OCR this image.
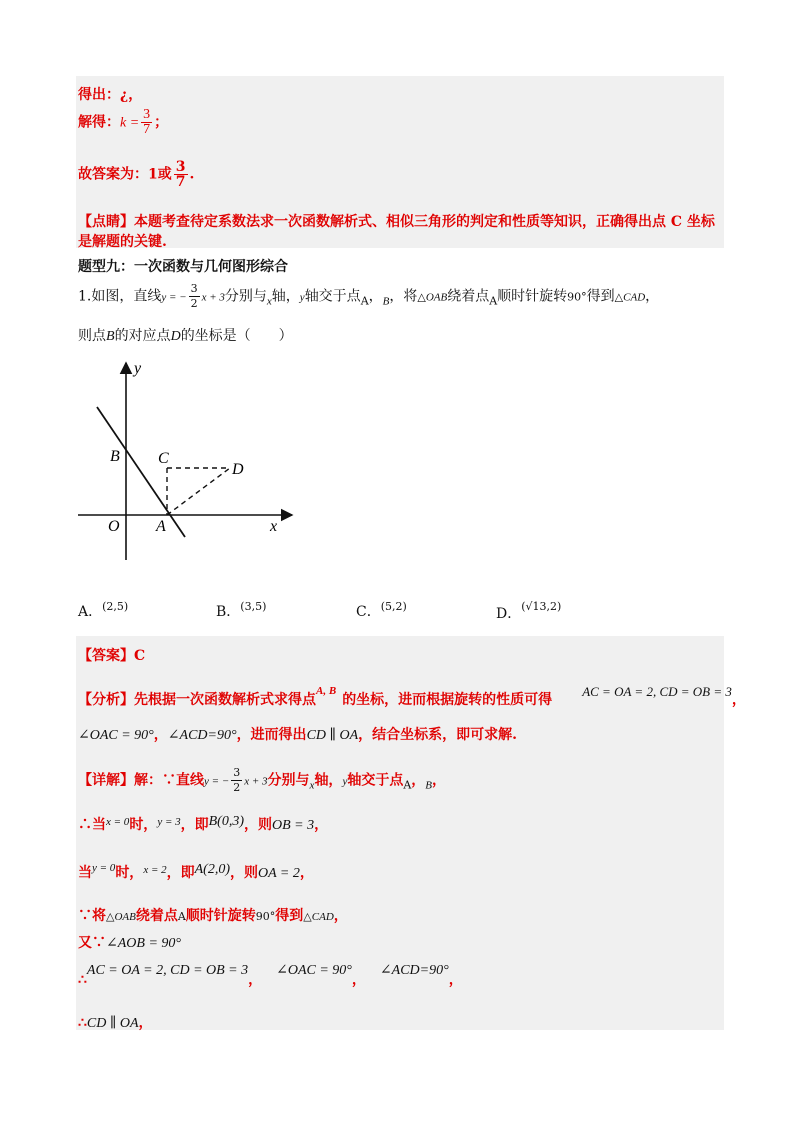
得出：¿，
解得：$k = \frac{3}{7}$ ；
故答案为：1或 $\frac{3}{7}$ .
【点睛】本题考查待定系数法求一次函数解析式、相似三角形的判定和性质等知识，正确得出点 C 坐标
是解题的关键.
题型九：一次函数与几何图形综合
1.如图，直线y = − $\frac{3}{2}$ x + 3分别与$_x$轴，y轴交于点$_A$，$_B$，将△OAB绕着点$_A$顺时针旋转90°得到△CAD，
则点B的对应点D的坐标是（　　）
y
x
B C
D
O A
A．$^{(2,5)}$	B．$^{(3,5)}$	C．$^{(5,2)}$	D．$^{(√13,2)}$
【答案】C
【分析】先根据一次函数解析式求得点$^{A, B}$的坐标，进而根据旋转的性质可得AC = OA = 2, CD = OB = 3，
∠OAC = 90°，∠ACD=90°，进而得出CD ∥ OA，结合坐标系，即可求解.
【详解】解：∵直线y = − $\frac{3}{2}$ x + 3分别与$_x$轴，y轴交于点$_A$，$_B$，
∴当$^{x = 0}$时，$^{y = 3}$，即B(0,3)，则OB = 3，
当$^{y = 0}$时，$^{x = 2}$，即A(2,0)，则OA = 2，
∵将△OAB绕着点A顺时针旋转90°得到△CAD，
又∵∠AOB = 90°
∴AC = OA = 2, CD = OB = 3，∠OAC = 90°，∠ACD=90°，
∴CD ∥ OA，
